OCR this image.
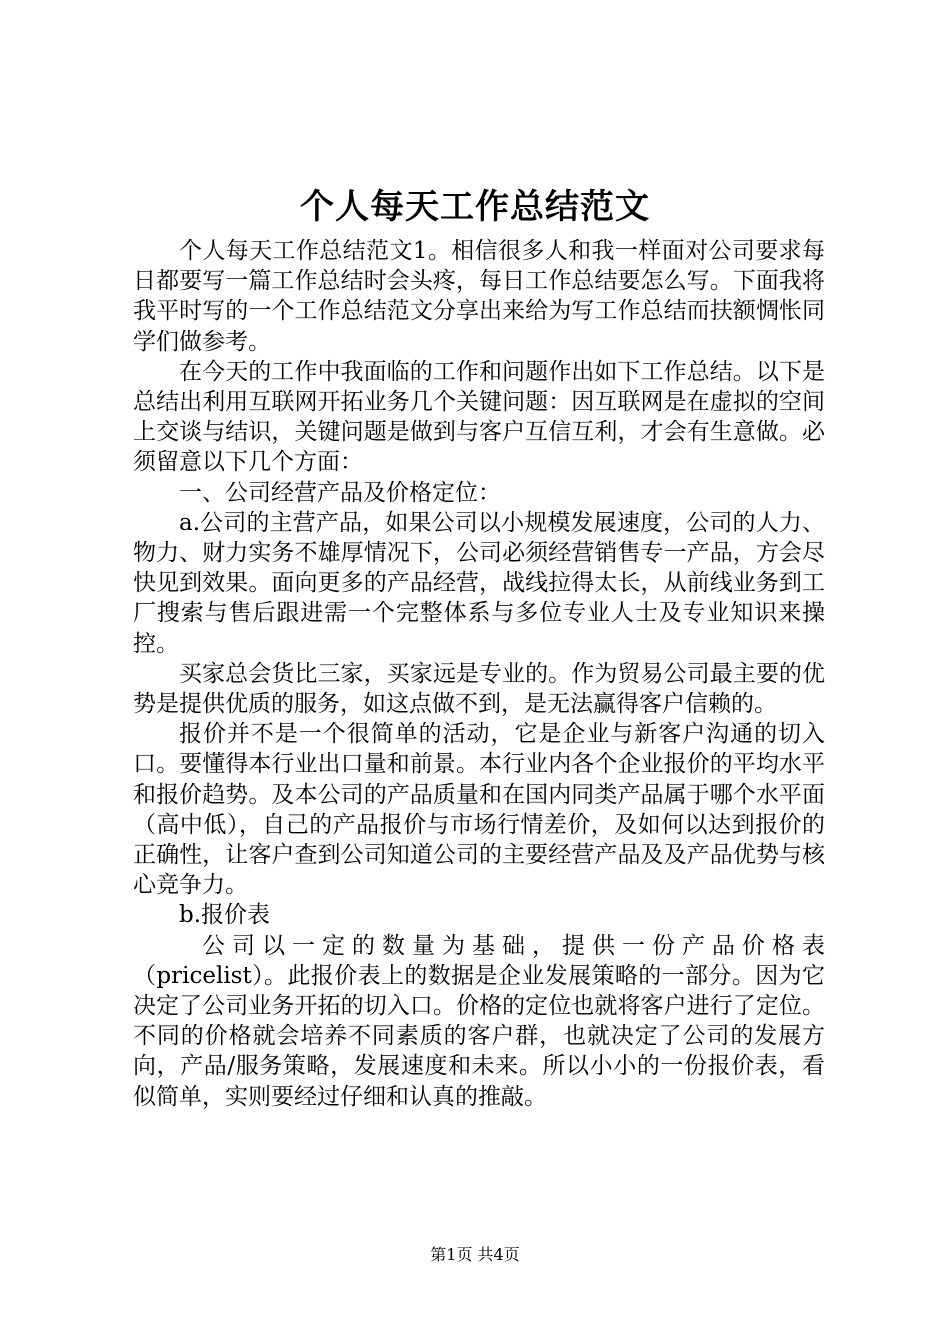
个人每天工作总结范文

个人每天工作总结范文1。相信很多人和我一样面对公司要求每日都要写一篇工作总结时会头疼，每日工作总结要怎么写。下面我将我平时写的一个工作总结范文分享出来给为写工作总结而扶额惆怅同学们做参考。

在今天的工作中我面临的工作和问题作出如下工作总结。以下是总结出利用互联网开拓业务几个关键问题：因互联网是在虚拟的空间上交谈与结识，关键问题是做到与客户互信互利，才会有生意做。必须留意以下几个方面：

一、公司经营产品及价格定位：

a.公司的主营产品，如果公司以小规模发展速度，公司的人力、物力、财力实务不雄厚情况下，公司必须经营销售专一产品，方会尽快见到效果。面向更多的产品经营，战线拉得太长，从前线业务到工厂搜索与售后跟进需一个完整体系与多位专业人士及专业知识来操控。

买家总会货比三家，买家远是专业的。作为贸易公司最主要的优势是提供优质的服务，如这点做不到，是无法赢得客户信赖的。

报价并不是一个很简单的活动，它是企业与新客户沟通的切入口。要懂得本行业出口量和前景。本行业内各个企业报价的平均水平和报价趋势。及本公司的产品质量和在国内同类产品属于哪个水平面（高中低），自己的产品报价与市场行情差价，及如何以达到报价的正确性，让客户查到公司知道公司的主要经营产品及及产品优势与核心竞争力。

b.报价表

公司以一定的数量为基础，提供一份产品价格表（pricelist）。此报价表上的数据是企业发展策略的一部分。因为它决定了公司业务开拓的切入口。价格的定位也就将客户进行了定位。不同的价格就会培养不同素质的客户群，也就决定了公司的发展方向，产品/服务策略，发展速度和未来。所以小小的一份报价表，看似简单，实则要经过仔细和认真的推敲。

第1页 共4页
